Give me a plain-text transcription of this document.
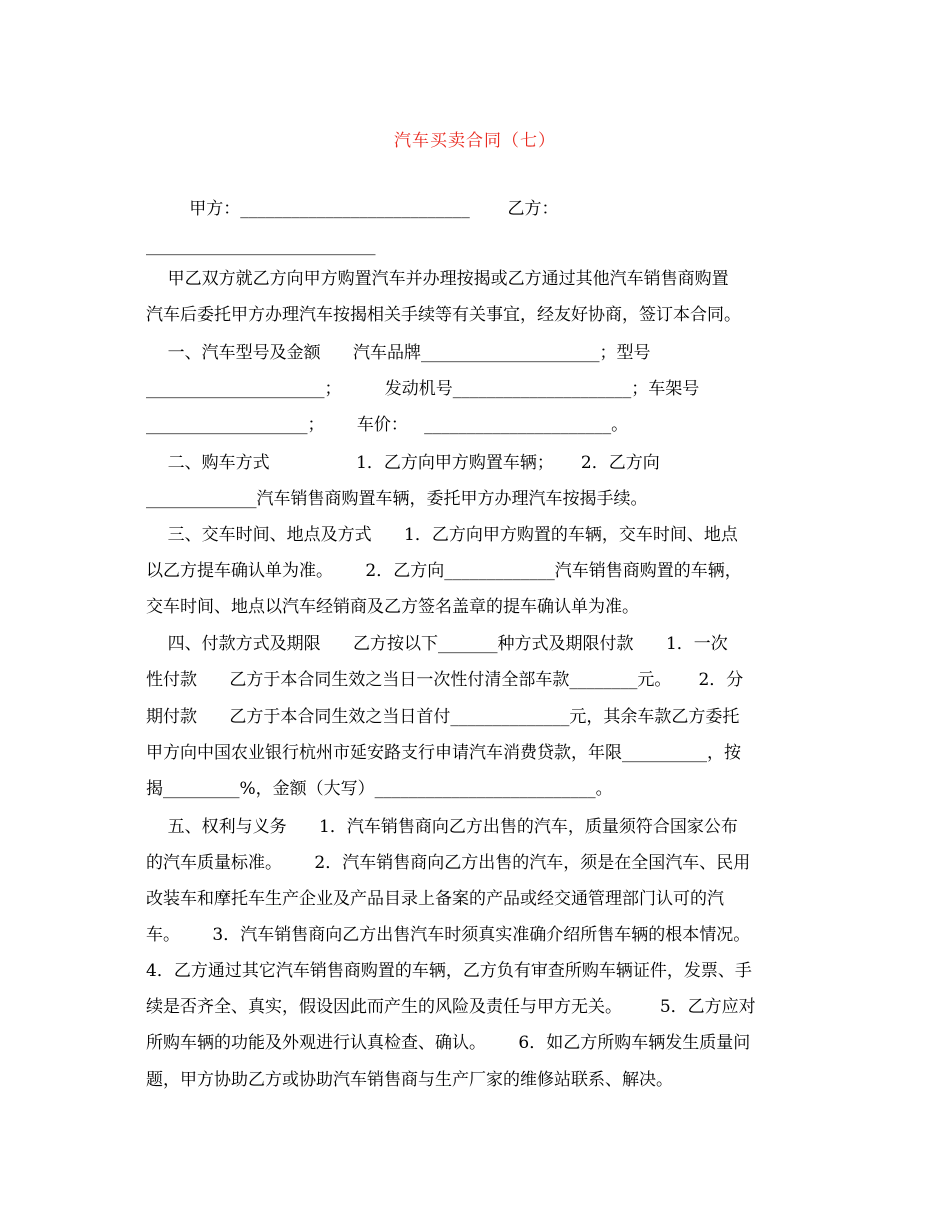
汽车买卖合同（七）
甲方：___________________________       乙方：
___________________________
甲乙双方就乙方向甲方购置汽车并办理按揭或乙方通过其他汽车销售商购置
汽车后委托甲方办理汽车按揭相关手续等有关事宜，经友好协商，签订本合同。
一、汽车型号及金额      汽车品牌_____________________；型号
_____________________；        发动机号_____________________；车架号
___________________；      车价：   ______________________。
二、购车方式                1．乙方向甲方购置车辆；     2．乙方向
_____________汽车销售商购置车辆，委托甲方办理汽车按揭手续。
三、交车时间、地点及方式      1．乙方向甲方购置的车辆，交车时间、地点
以乙方提车确认单为准。      2．乙方向_____________汽车销售商购置的车辆，
交车时间、地点以汽车经销商及乙方签名盖章的提车确认单为准。
四、付款方式及期限      乙方按以下_______种方式及期限付款      1．一次
性付款      乙方于本合同生效之当日一次性付清全部车款________元。     2．分
期付款      乙方于本合同生效之当日首付______________元，其余车款乙方委托
甲方向中国农业银行杭州市延安路支行申请汽车消费贷款，年限__________，按
揭_________%，金额（大写）__________________________。
五、权利与义务      1．汽车销售商向乙方出售的汽车，质量须符合国家公布
的汽车质量标准。      2．汽车销售商向乙方出售的汽车，须是在全国汽车、民用
改装车和摩托车生产企业及产品目录上备案的产品或经交通管理部门认可的汽
车。      3．汽车销售商向乙方出售汽车时须真实准确介绍所售车辆的根本情况。
4．乙方通过其它汽车销售商购置的车辆，乙方负有审查所购车辆证件，发票、手
续是否齐全、真实，假设因此而产生的风险及责任与甲方无关。       5．乙方应对
所购车辆的功能及外观进行认真检查、确认。      6．如乙方所购车辆发生质量问
题，甲方协助乙方或协助汽车销售商与生产厂家的维修站联系、解决。
